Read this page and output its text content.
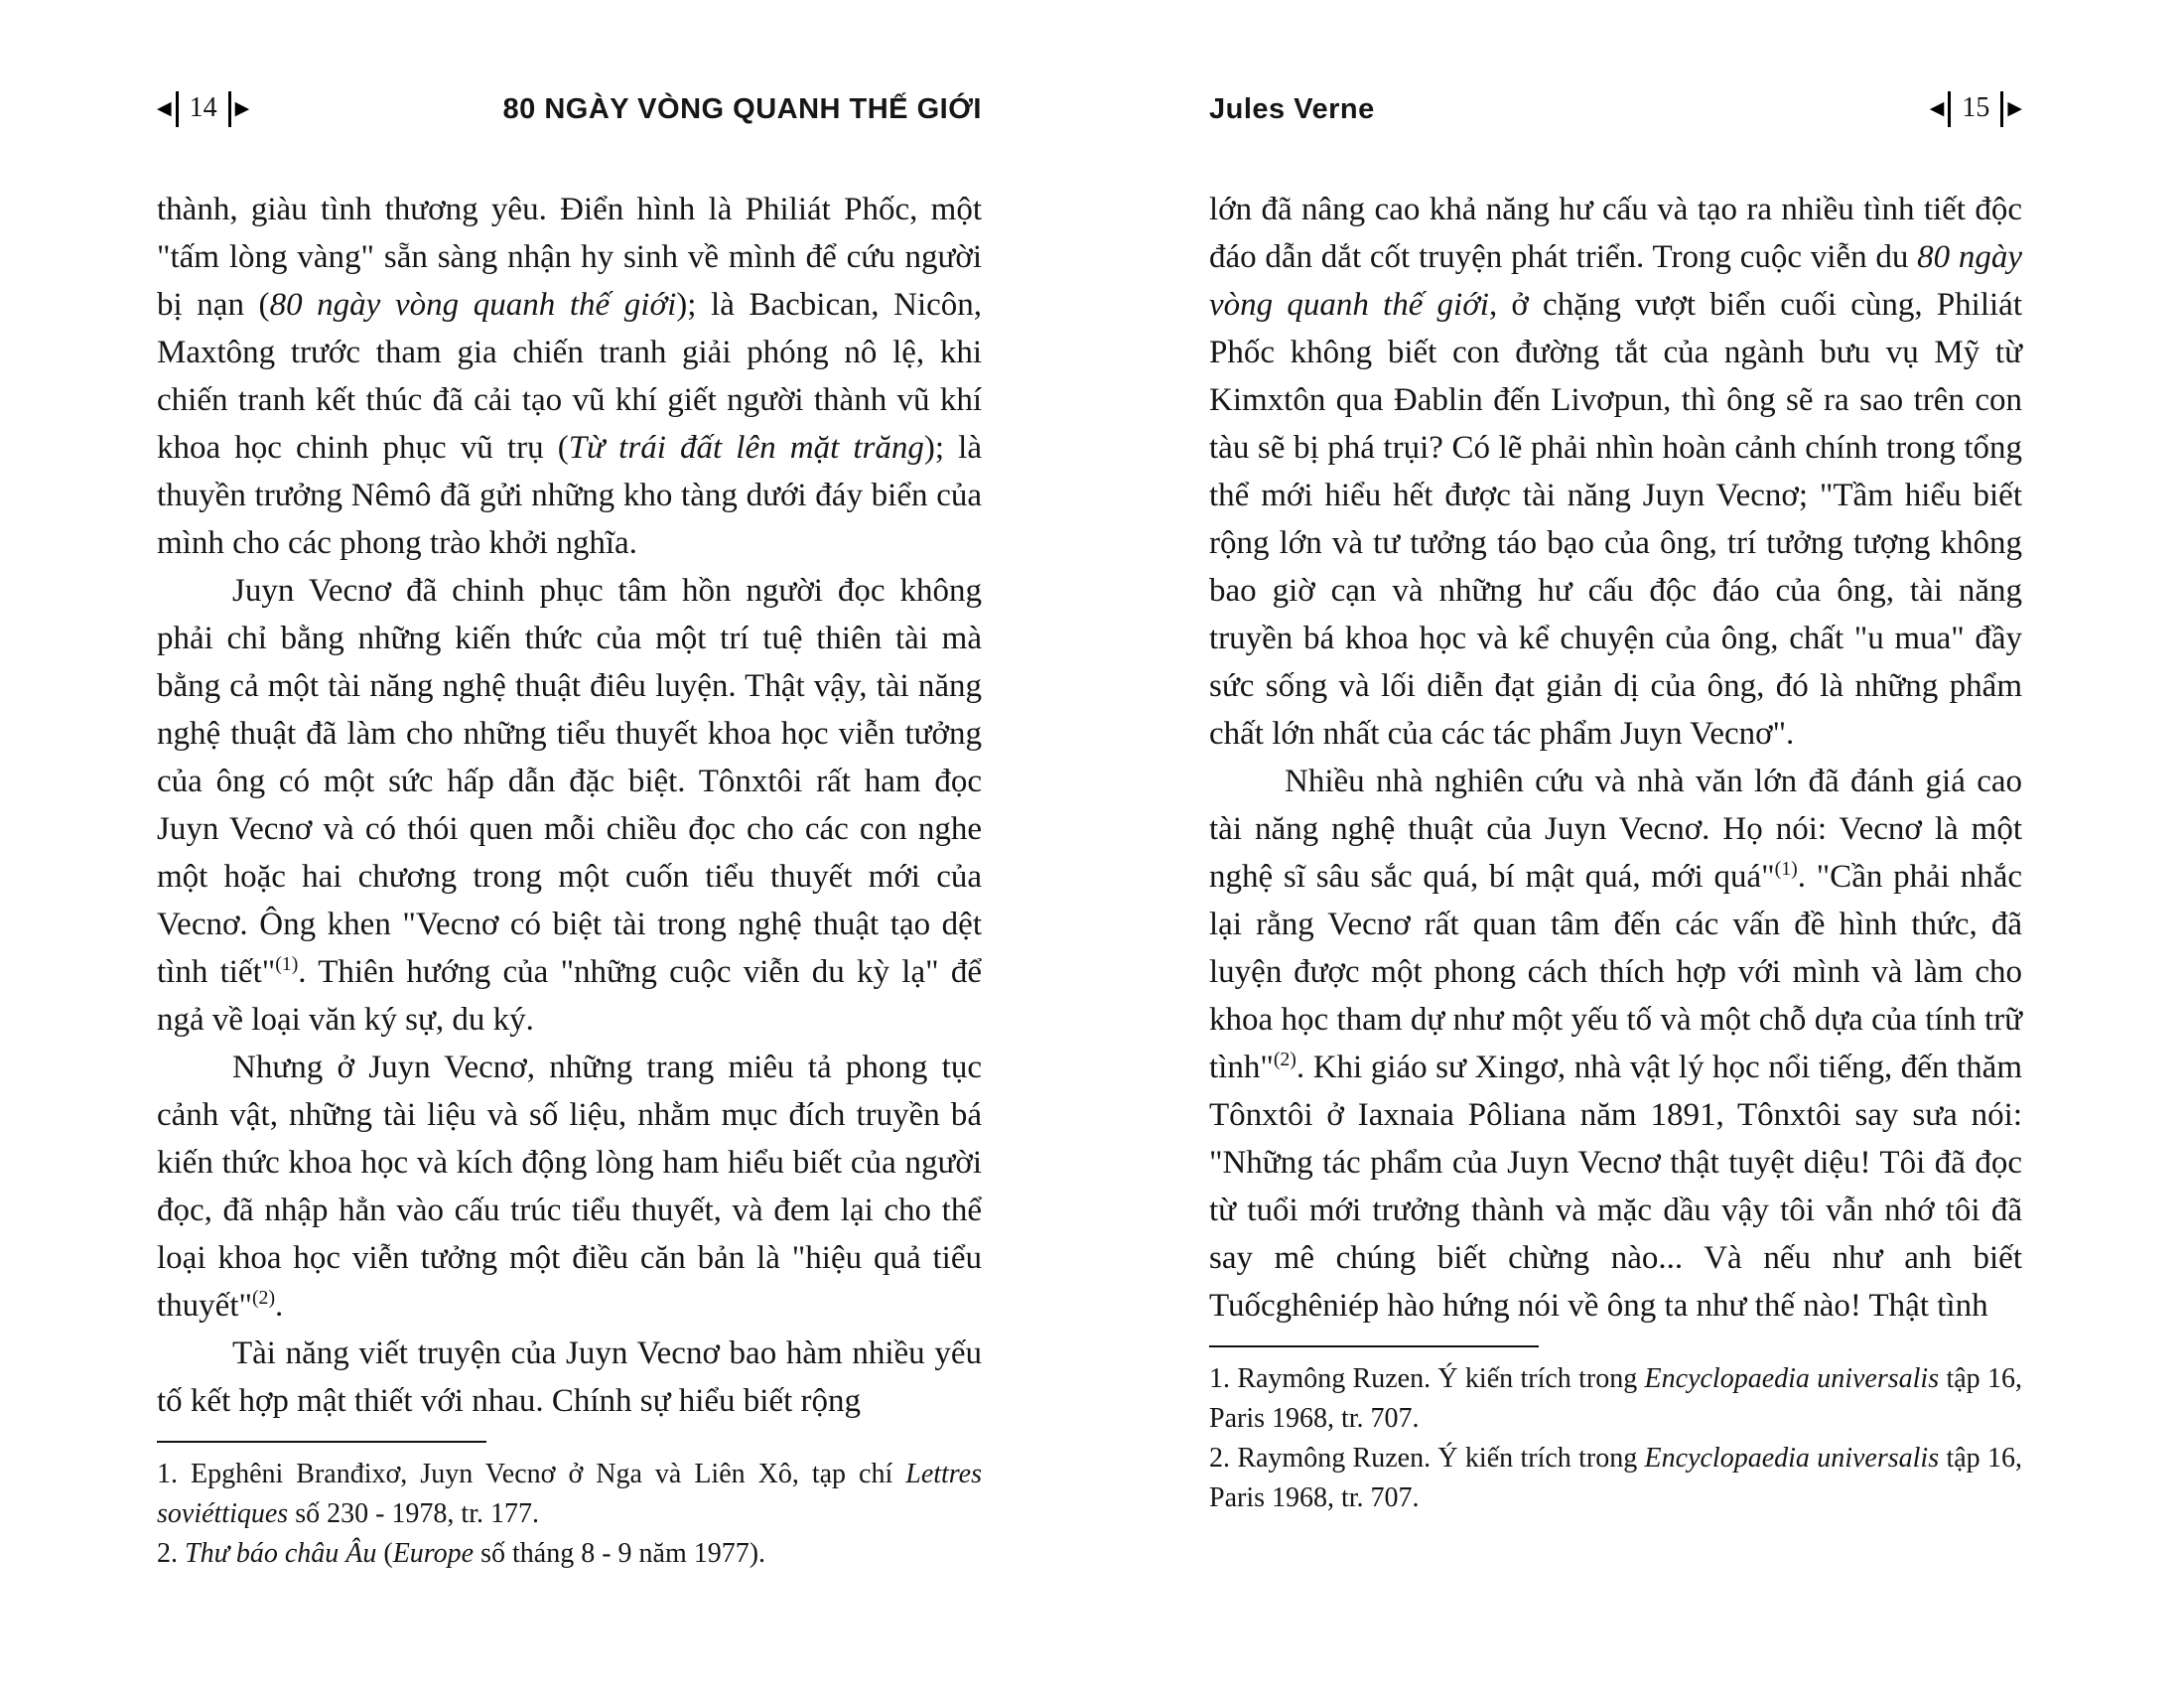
◀ 14 ▶	80 NGÀY VÒNG QUANH THẾ GIỚI

thành, giàu tình thương yêu. Điển hình là Philiát Phốc, một "tấm lòng vàng" sẵn sàng nhận hy sinh về mình để cứu người bị nạn (80 ngày vòng quanh thế giới); là Bacbican, Nicôn, Maxtông trước tham gia chiến tranh giải phóng nô lệ, khi chiến tranh kết thúc đã cải tạo vũ khí giết người thành vũ khí khoa học chinh phục vũ trụ (Từ trái đất lên mặt trăng); là thuyền trưởng Nêmô đã gửi những kho tàng dưới đáy biển của mình cho các phong trào khởi nghĩa.

Juyn Vecnơ đã chinh phục tâm hồn người đọc không phải chỉ bằng những kiến thức của một trí tuệ thiên tài mà bằng cả một tài năng nghệ thuật điêu luyện. Thật vậy, tài năng nghệ thuật đã làm cho những tiểu thuyết khoa học viễn tưởng của ông có một sức hấp dẫn đặc biệt. Tônxtôi rất ham đọc Juyn Vecnơ và có thói quen mỗi chiều đọc cho các con nghe một hoặc hai chương trong một cuốn tiểu thuyết mới của Vecnơ. Ông khen "Vecnơ có biệt tài trong nghệ thuật tạo dệt tình tiết"$^{(1)}$. Thiên hướng của "những cuộc viễn du kỳ lạ" để ngả về loại văn ký sự, du ký.

Nhưng ở Juyn Vecnơ, những trang miêu tả phong tục cảnh vật, những tài liệu và số liệu, nhằm mục đích truyền bá kiến thức khoa học và kích động lòng ham hiểu biết của người đọc, đã nhập hẳn vào cấu trúc tiểu thuyết, và đem lại cho thể loại khoa học viễn tưởng một điều căn bản là "hiệu quả tiểu thuyết"$^{(2)}$.

Tài năng viết truyện của Juyn Vecnơ bao hàm nhiều yếu tố kết hợp mật thiết với nhau. Chính sự hiểu biết rộng

1. Epghêni Branđixơ, Juyn Vecnơ ở Nga và Liên Xô, tạp chí Lettres soviéttiques số 230 - 1978, tr. 177.

2. Thư báo châu Âu (Europe số tháng 8 - 9 năm 1977).

Jules Verne	◀ 15 ▶

lớn đã nâng cao khả năng hư cấu và tạo ra nhiều tình tiết độc đáo dẫn dắt cốt truyện phát triển. Trong cuộc viễn du 80 ngày vòng quanh thế giới, ở chặng vượt biển cuối cùng, Philiát Phốc không biết con đường tắt của ngành bưu vụ Mỹ từ Kimxtôn qua Đablin đến Livơpun, thì ông sẽ ra sao trên con tàu sẽ bị phá trụi? Có lẽ phải nhìn hoàn cảnh chính trong tổng thể mới hiểu hết được tài năng Juyn Vecnơ; "Tầm hiểu biết rộng lớn và tư tưởng táo bạo của ông, trí tưởng tượng không bao giờ cạn và những hư cấu độc đáo của ông, tài năng truyền bá khoa học và kể chuyện của ông, chất "u mua" đầy sức sống và lối diễn đạt giản dị của ông, đó là những phẩm chất lớn nhất của các tác phẩm Juyn Vecnơ".

Nhiều nhà nghiên cứu và nhà văn lớn đã đánh giá cao tài năng nghệ thuật của Juyn Vecnơ. Họ nói: Vecnơ là một nghệ sĩ sâu sắc quá, bí mật quá, mới quá"$^{(1)}$. "Cần phải nhắc lại rằng Vecnơ rất quan tâm đến các vấn đề hình thức, đã luyện được một phong cách thích hợp với mình và làm cho khoa học tham dự như một yếu tố và một chỗ dựa của tính trữ tình"$^{(2)}$. Khi giáo sư Xingơ, nhà vật lý học nổi tiếng, đến thăm Tônxtôi ở Iaxnaia Pôliana năm 1891, Tônxtôi say sưa nói: "Những tác phẩm của Juyn Vecnơ thật tuyệt diệu! Tôi đã đọc từ tuổi mới trưởng thành và mặc dầu vậy tôi vẫn nhớ tôi đã say mê chúng biết chừng nào... Và nếu như anh biết Tuốcghêniép hào hứng nói về ông ta như thế nào! Thật tình

1. Raymông Ruzen. Ý kiến trích trong Encyclopaedia universalis tập 16, Paris 1968, tr. 707.

2. Raymông Ruzen. Ý kiến trích trong Encyclopaedia universalis tập 16, Paris 1968, tr. 707.
